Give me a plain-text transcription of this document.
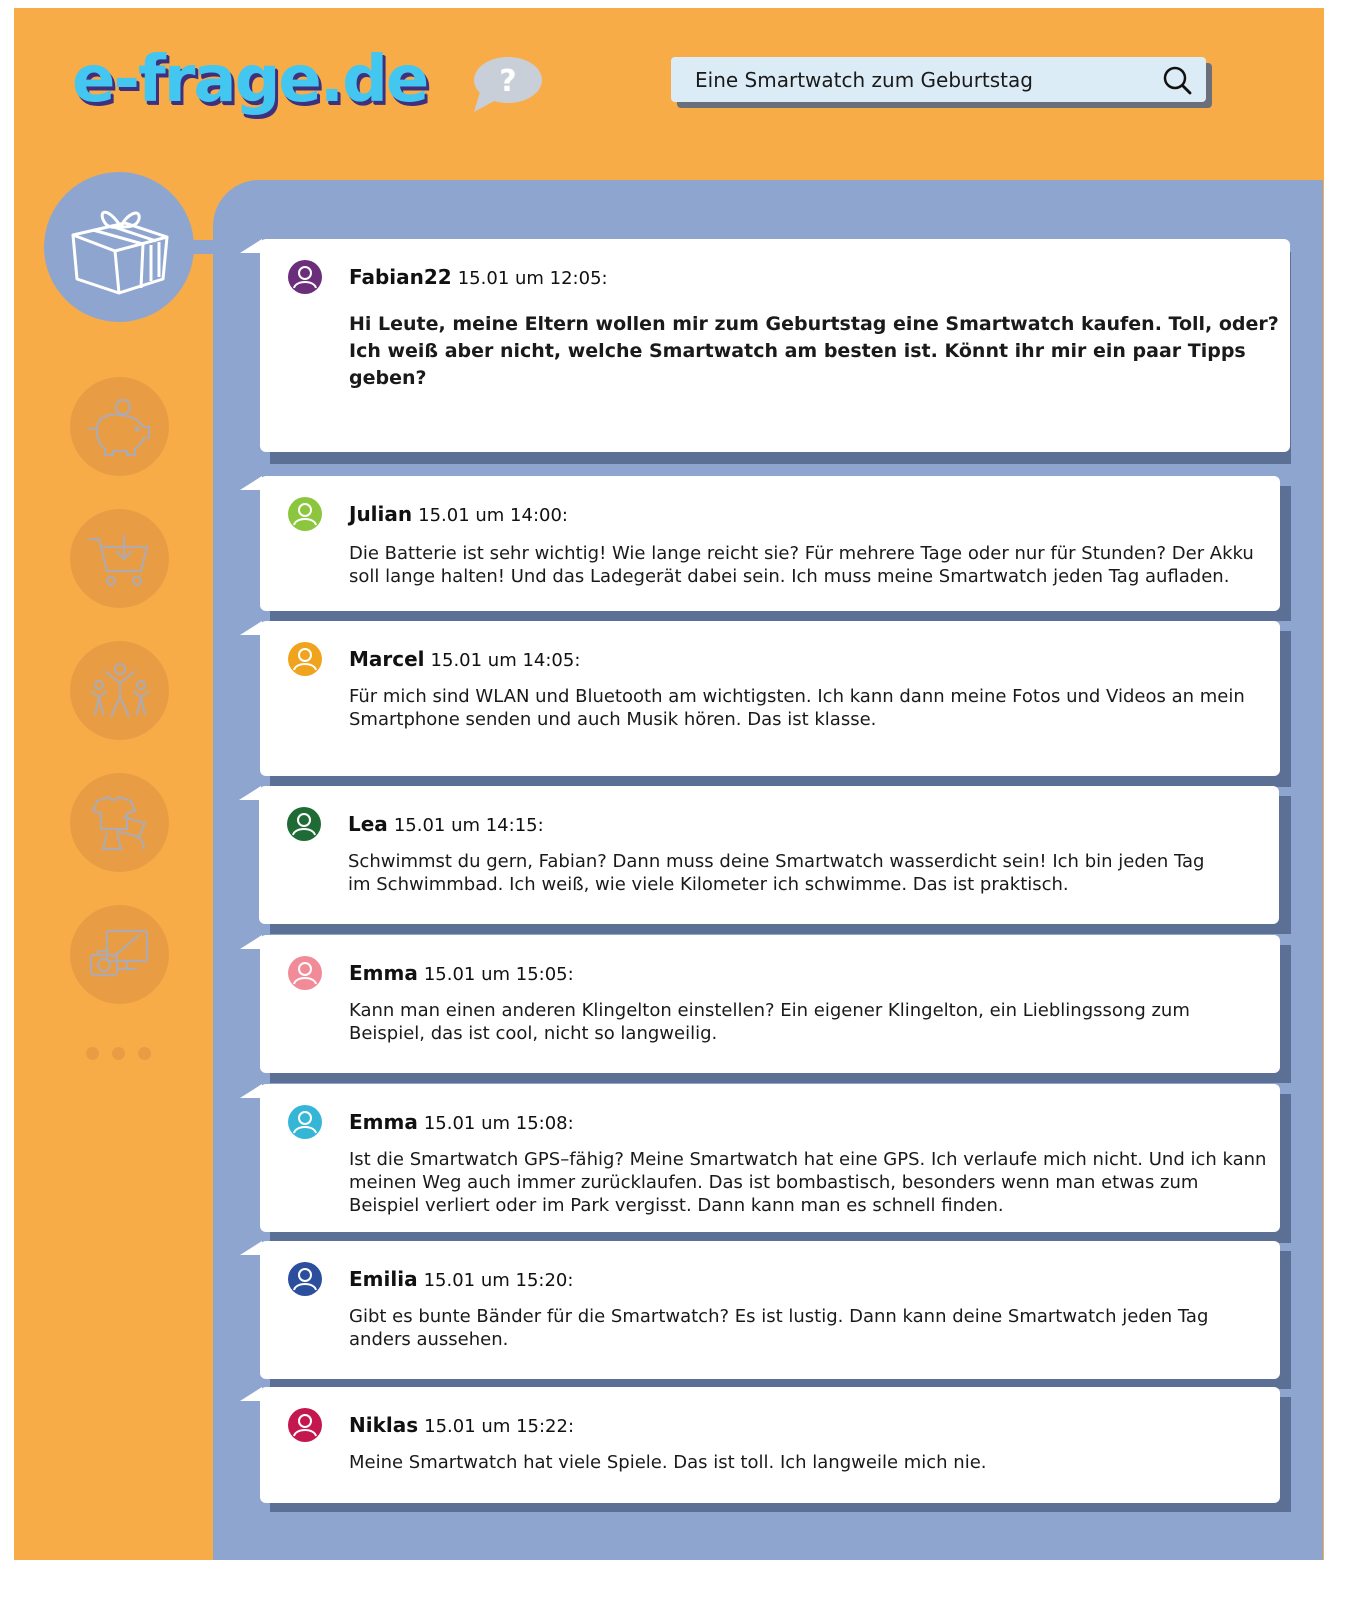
e-frage.de ?	Eine Smartwatch zum Geburtstag
Fabian22 15.01 um 12:05:
Hi Leute, meine Eltern wollen mir zum Geburtstag eine Smartwatch kaufen. Toll, oder?
Ich weiß aber nicht, welche Smartwatch am besten ist. Könnt ihr mir ein paar Tipps
geben?
Julian 15.01 um 14:00:
Die Batterie ist sehr wichtig! Wie lange reicht sie? Für mehrere Tage oder nur für Stunden? Der Akku
soll lange halten! Und das Ladegerät dabei sein. Ich muss meine Smartwatch jeden Tag aufladen.
Marcel 15.01 um 14:05:
Für mich sind WLAN und Bluetooth am wichtigsten. Ich kann dann meine Fotos und Videos an mein
Smartphone senden und auch Musik hören. Das ist klasse.
Lea 15.01 um 14:15:
Schwimmst du gern, Fabian? Dann muss deine Smartwatch wasserdicht sein! Ich bin jeden Tag
im Schwimmbad. Ich weiß, wie viele Kilometer ich schwimme. Das ist praktisch.
Emma 15.01 um 15:05:
Kann man einen anderen Klingelton einstellen? Ein eigener Klingelton, ein Lieblingssong zum
Beispiel, das ist cool, nicht so langweilig.
Emma 15.01 um 15:08:
Ist die Smartwatch GPS–fähig? Meine Smartwatch hat eine GPS. Ich verlaufe mich nicht. Und ich kann
meinen Weg auch immer zurücklaufen. Das ist bombastisch, besonders wenn man etwas zum
Beispiel verliert oder im Park vergisst. Dann kann man es schnell finden.
Emilia 15.01 um 15:20:
Gibt es bunte Bänder für die Smartwatch? Es ist lustig. Dann kann deine Smartwatch jeden Tag
anders aussehen.
Niklas 15.01 um 15:22:
Meine Smartwatch hat viele Spiele. Das ist toll. Ich langweile mich nie.
